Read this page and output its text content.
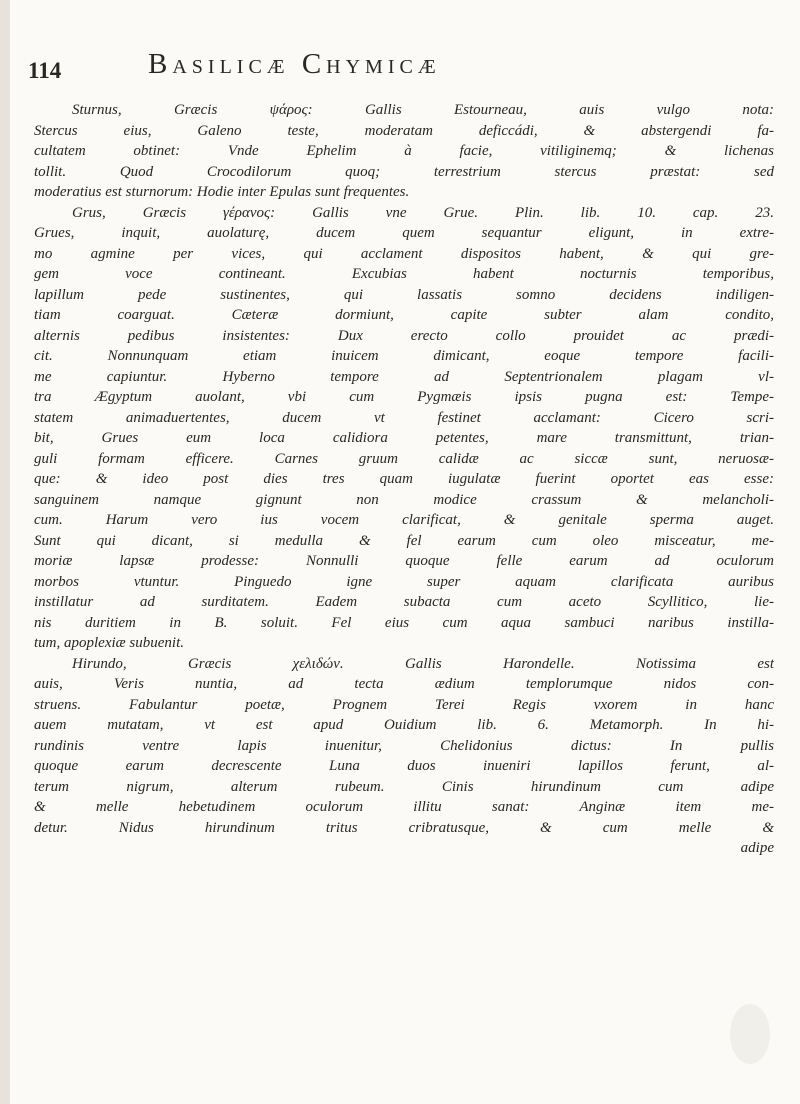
114	Basilicæ Chymicæ
Sturnus, Græcis ψάρος: Gallis Estourneau, auis vulgo nota:
Stercus eius, Galeno teste, moderatam deficcádi, & abstergendi fa-
cultatem obtinet: Vnde Ephelim à facie, vitiliginemq; & lichenas
tollit. Quod Crocodilorum quoq; terrestrium stercus præstat: sed
moderatius est sturnorum: Hodie inter Epulas sunt frequentes.
Grus, Græcis γέρανος: Gallis vne Grue. Plin. lib. 10. cap. 23.
Grues, inquit, auolaturę, ducem quem sequantur eligunt, in extre-
mo agmine per vices, qui acclament dispositos habent, & qui gre-
gem voce contineant. Excubias habent nocturnis temporibus,
lapillum pede sustinentes, qui lassatis somno decidens indiligen-
tiam coarguat. Cæteræ dormiunt, capite subter alam condito,
alternis pedibus insistentes: Dux erecto collo prouidet ac prædi-
cit. Nonnunquam etiam inuicem dimicant, eoque tempore facili-
me capiuntur. Hyberno tempore ad Septentrionalem plagam vl-
tra Ægyptum auolant, vbi cum Pygmæis ipsis pugna est: Tempe-
statem animaduertentes, ducem vt festinet acclamant: Cicero scri-
bit, Grues eum loca calidiora petentes, mare transmittunt, trian-
guli formam efficere. Carnes gruum calidæ ac siccæ sunt, neruosæ-
que: & ideo post dies tres quam iugulatæ fuerint oportet eas esse:
sanguinem namque gignunt non modice crassum & melancholi-
cum. Harum vero ius vocem clarificat, & genitale sperma auget.
Sunt qui dicant, si medulla & fel earum cum oleo misceatur, me-
moriæ lapsæ prodesse: Nonnulli quoque felle earum ad oculorum
morbos vtuntur. Pinguedo igne super aquam clarificata auribus
instillatur ad surditatem. Eadem subacta cum aceto Scyllitico, lie-
nis duritiem in B. soluit. Fel eius cum aqua sambuci naribus instilla-
tum, apoplexiæ subuenit.
Hirundo, Græcis χελιδών. Gallis Harondelle. Notissima est
auis, Veris nuntia, ad tecta ædium templorumque nidos con-
struens. Fabulantur poetæ, Prognem Terei Regis vxorem in hanc
auem mutatam, vt est apud Ouidium lib. 6. Metamorph. In hi-
rundinis ventre lapis inuenitur, Chelidonius dictus: In pullis
quoque earum decrescente Luna duos inueniri lapillos ferunt, al-
terum nigrum, alterum rubeum. Cinis hirundinum cum adipe
& melle hebetudinem oculorum illitu sanat: Anginæ item me-
detur. Nidus hirundinum tritus cribratusque, & cum melle &
adipe
